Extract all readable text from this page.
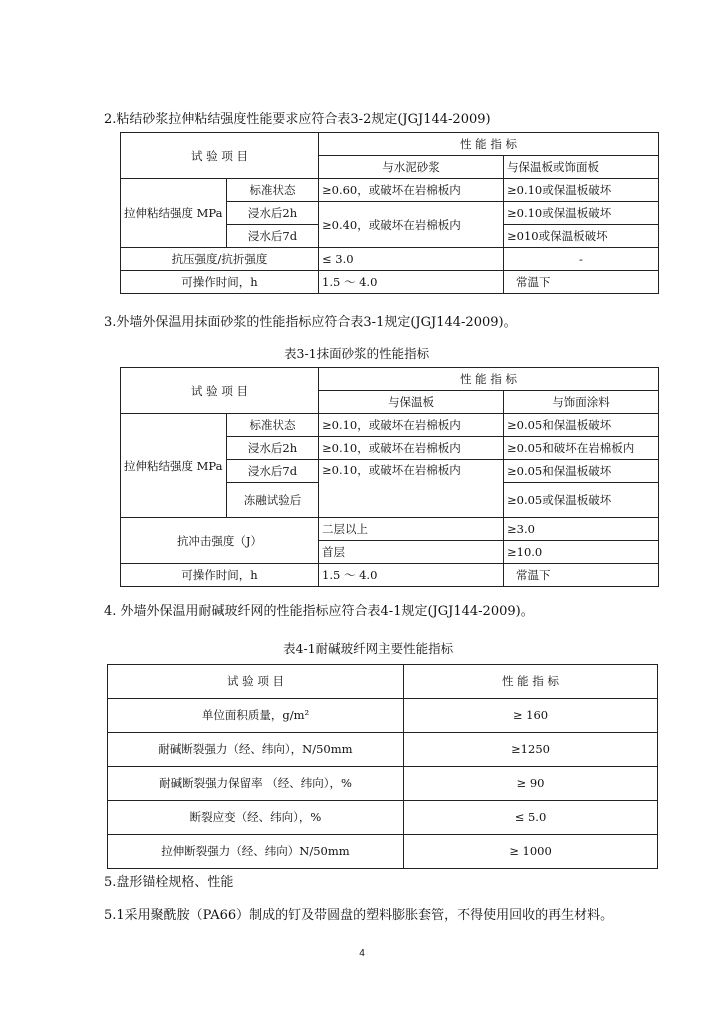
2.粘结砂浆拉伸粘结强度性能要求应符合表3-2规定(JGJ144-2009)

试 验 项 目		性 能 指 标	
		与水泥砂浆	与保温板或饰面板
拉伸粘结强度 MPa	标准状态	≥0.60，或破坏在岩棉板内	≥0.10或保温板破坏
	浸水后2h	≥0.40，或破坏在岩棉板内	≥0.10或保温板破坏
	浸水后7d		≥010或保温板破坏
抗压强度/抗折强度		≤ 3.0	-
可操作时间，h		1.5 ～ 4.0	常温下

3.外墙外保温用抹面砂浆的性能指标应符合表3-1规定(JGJ144-2009)。

表3-1抹面砂浆的性能指标

试 验 项 目		性 能 指 标	
		与保温板	与饰面涂料
拉伸粘结强度 MPa	标准状态	≥0.10，或破坏在岩棉板内	≥0.05和保温板破坏
	浸水后2h	≥0.10，或破坏在岩棉板内	≥0.05和破坏在岩棉板内
	浸水后7d	≥0.10，或破坏在岩棉板内	≥0.05和保温板破坏
	冻融试验后		≥0.05或保温板破坏
抗冲击强度（J）		二层以上	≥3.0
		首层	≥10.0
可操作时间，h		1.5 ～ 4.0	常温下

4. 外墙外保温用耐碱玻纤网的性能指标应符合表4-1规定(JGJ144-2009)。

表4-1耐碱玻纤网主要性能指标

试 验 项 目	性 能 指 标
单位面积质量，g/m²	≥ 160
耐碱断裂强力（经、纬向），N/50mm	≥1250
耐碱断裂强力保留率 （经、纬向），%	≥ 90
断裂应变（经、纬向），%	≤ 5.0
拉伸断裂强力（经、纬向）N/50mm	≥ 1000

5.盘形锚栓规格、性能

5.1采用聚酰胺（PA66）制成的钉及带圆盘的塑料膨胀套管，不得使用回收的再生材料。

4
